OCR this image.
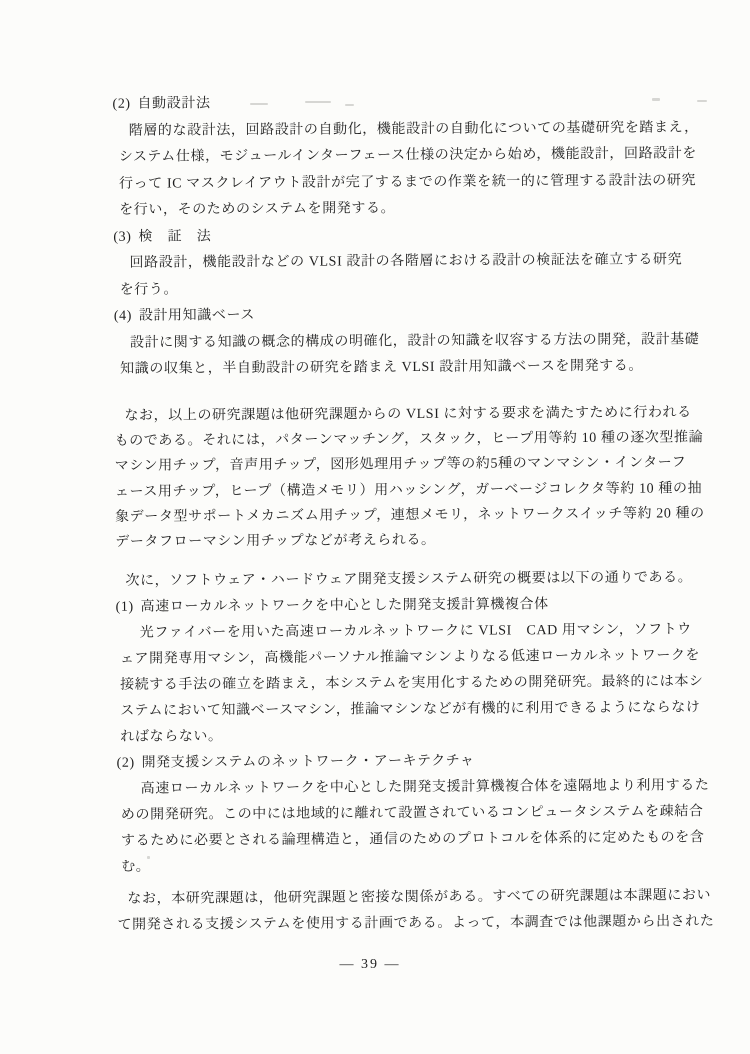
(2) 自動設計法
階層的な設計法，回路設計の自動化，機能設計の自動化についての基礎研究を踏まえ，
システム仕様，モジュールインターフェース仕様の決定から始め，機能設計，回路設計を
行って IC マスクレイアウト設計が完了するまでの作業を統一的に管理する設計法の研究
を行い，そのためのシステムを開発する。
(3) 検　証　法
回路設計，機能設計などの VLSI 設計の各階層における設計の検証法を確立する研究
を行う。
(4) 設計用知識ベース
設計に関する知識の概念的構成の明確化，設計の知識を収容する方法の開発，設計基礎
知識の収集と，半自動設計の研究を踏まえ VLSI 設計用知識ベースを開発する。
なお，以上の研究課題は他研究課題からの VLSI に対する要求を満たすために行われる
ものである。それには，パターンマッチング，スタック，ヒープ用等約 10 種の逐次型推論
マシン用チップ，音声用チップ，図形処理用チップ等の約5種のマンマシン・インターフ
ェース用チップ，ヒープ（構造メモリ）用ハッシング，ガーベージコレクタ等約 10 種の抽
象データ型サポートメカニズム用チップ，連想メモリ，ネットワークスイッチ等約 20 種の
データフローマシン用チップなどが考えられる。
次に，ソフトウェア・ハードウェア開発支援システム研究の概要は以下の通りである。
(1) 高速ローカルネットワークを中心とした開発支援計算機複合体
光ファイバーを用いた高速ローカルネットワークに VLSI　CAD 用マシン，ソフトウ
ェア開発専用マシン，高機能パーソナル推論マシンよりなる低速ローカルネットワークを
接続する手法の確立を踏まえ，本システムを実用化するための開発研究。最終的には本シ
ステムにおいて知識ベースマシン，推論マシンなどが有機的に利用できるようにならなけ
ればならない。
(2) 開発支援システムのネットワーク・アーキテクチャ
高速ローカルネットワークを中心とした開発支援計算機複合体を遠隔地より利用するた
めの開発研究。この中には地域的に離れて設置されているコンピュータシステムを疎結合
するために必要とされる論理構造と，通信のためのプロトコルを体系的に定めたものを含
む。
なお，本研究課題は，他研究課題と密接な関係がある。すべての研究課題は本課題におい
て開発される支援システムを使用する計画である。よって，本調査では他課題から出された
— 39 —
